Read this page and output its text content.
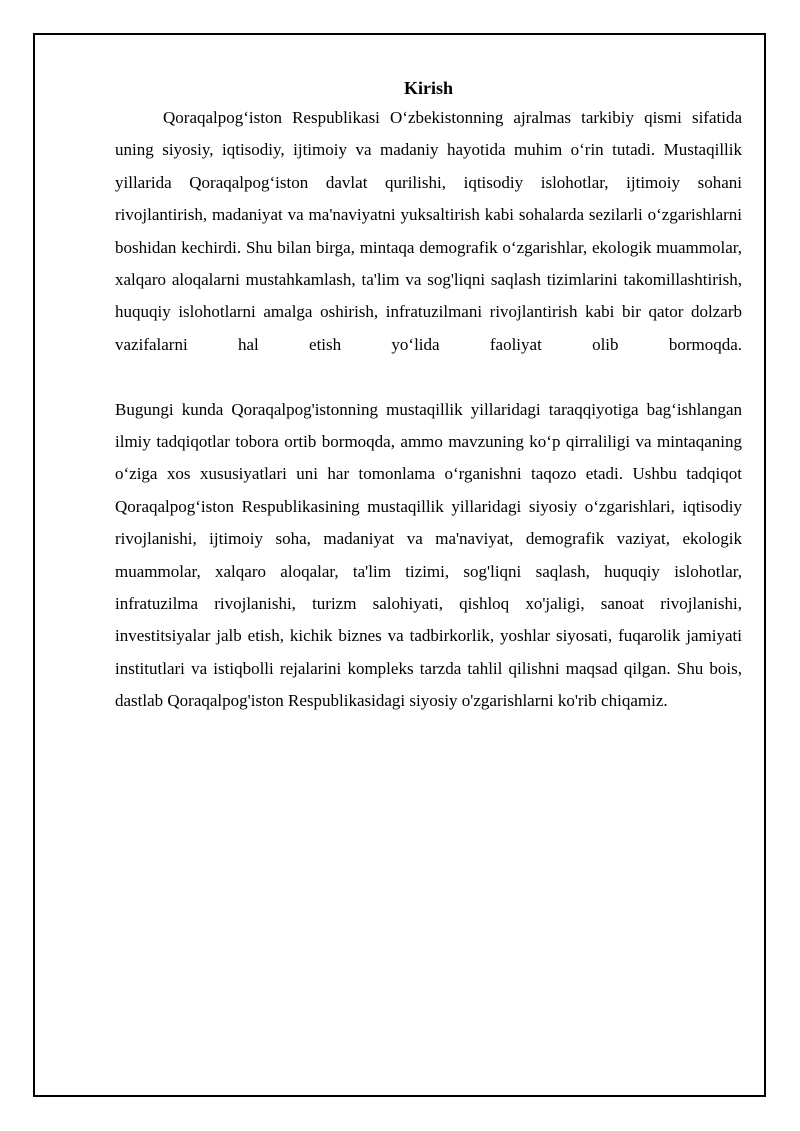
Kirish

Qoraqalpog‘iston Respublikasi O‘zbekistonning ajralmas tarkibiy qismi sifatida uning siyosiy, iqtisodiy, ijtimoiy va madaniy hayotida muhim o‘rin tutadi. Mustaqillik yillarida Qoraqalpog‘iston davlat qurilishi, iqtisodiy islohotlar, ijtimoiy sohani rivojlantirish, madaniyat va ma'naviyatni yuksaltirish kabi sohalarda sezilarli o‘zgarishlarni boshidan kechirdi. Shu bilan birga, mintaqa demografik o‘zgarishlar, ekologik muammolar, xalqaro aloqalarni mustahkamlash, ta'lim va sog'liqni saqlash tizimlarini takomillashtirish, huquqiy islohotlarni amalga oshirish, infratuzilmani rivojlantirish kabi bir qator dolzarb vazifalarni hal etish yo‘lida faoliyat olib bormoqda.

Bugungi kunda Qoraqalpog'istonning mustaqillik yillaridagi taraqqiyotiga bag‘ishlangan ilmiy tadqiqotlar tobora ortib bormoqda, ammo mavzuning ko‘p qirraliligi va mintaqaning o‘ziga xos xususiyatlari uni har tomonlama o‘rganishni taqozo etadi. Ushbu tadqiqot Qoraqalpog‘iston Respublikasining mustaqillik yillaridagi siyosiy o‘zgarishlari, iqtisodiy rivojlanishi, ijtimoiy soha, madaniyat va ma'naviyat, demografik vaziyat, ekologik muammolar, xalqaro aloqalar, ta'lim tizimi, sog'liqni saqlash, huquqiy islohotlar, infratuzilma rivojlanishi, turizm salohiyati, qishloq xo'jaligi, sanoat rivojlanishi, investitsiyalar jalb etish, kichik biznes va tadbirkorlik, yoshlar siyosati, fuqarolik jamiyati institutlari va istiqbolli rejalarini kompleks tarzda tahlil qilishni maqsad qilgan. Shu bois, dastlab Qoraqalpog'iston Respublikasidagi siyosiy o'zgarishlarni ko'rib chiqamiz.
